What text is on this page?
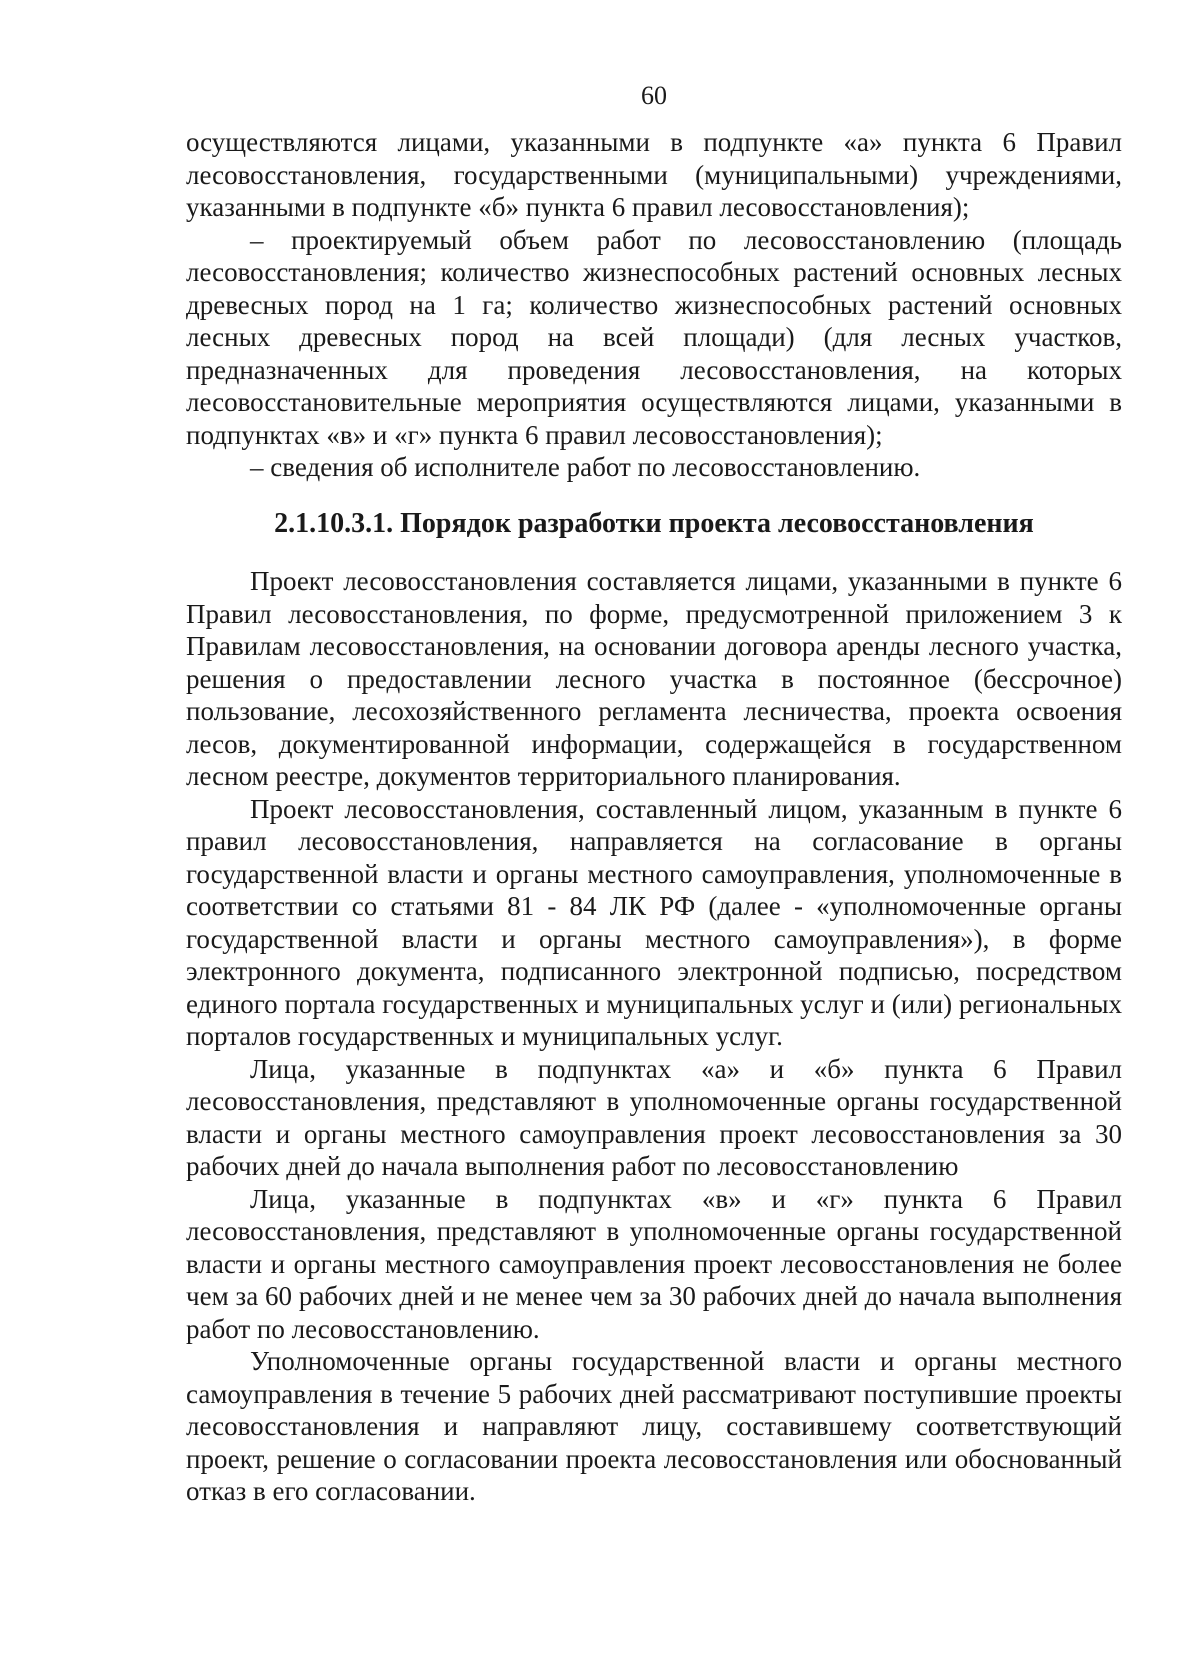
60

осуществляются лицами, указанными в подпункте «а» пункта 6 Правил лесовосстановления, государственными (муниципальными) учреждениями, указанными в подпункте «б» пункта 6 правил лесовосстановления);

– проектируемый объем работ по лесовосстановлению (площадь лесовосстановления; количество жизнеспособных растений основных лесных древесных пород на 1 га; количество жизнеспособных растений основных лесных древесных пород на всей площади) (для лесных участков, предназначенных для проведения лесовосстановления, на которых лесовосстановительные мероприятия осуществляются лицами, указанными в подпунктах «в» и «г» пункта 6 правил лесовосстановления);

– сведения об исполнителе работ по лесовосстановлению.

2.1.10.3.1. Порядок разработки проекта лесовосстановления

Проект лесовосстановления составляется лицами, указанными в пункте 6 Правил лесовосстановления, по форме, предусмотренной приложением 3 к Правилам лесовосстановления, на основании договора аренды лесного участка, решения о предоставлении лесного участка в постоянное (бессрочное) пользование, лесохозяйственного регламента лесничества, проекта освоения лесов, документированной информации, содержащейся в государственном лесном реестре, документов территориального планирования.

Проект лесовосстановления, составленный лицом, указанным в пункте 6 правил лесовосстановления, направляется на согласование в органы государственной власти и органы местного самоуправления, уполномоченные в соответствии со статьями 81 - 84 ЛК РФ (далее - «уполномоченные органы государственной власти и органы местного самоуправления»), в форме электронного документа, подписанного электронной подписью, посредством единого портала государственных и муниципальных услуг и (или) региональных порталов государственных и муниципальных услуг.

Лица, указанные в подпунктах «а» и «б» пункта 6 Правил лесовосстановления, представляют в уполномоченные органы государственной власти и органы местного самоуправления проект лесовосстановления за 30 рабочих дней до начала выполнения работ по лесовосстановлению

Лица, указанные в подпунктах «в» и «г» пункта 6 Правил лесовосстановления, представляют в уполномоченные органы государственной власти и органы местного самоуправления проект лесовосстановления не более чем за 60 рабочих дней и не менее чем за 30 рабочих дней до начала выполнения работ по лесовосстановлению.

Уполномоченные органы государственной власти и органы местного самоуправления в течение 5 рабочих дней рассматривают поступившие проекты лесовосстановления и направляют лицу, составившему соответствующий проект, решение о согласовании проекта лесовосстановления или обоснованный отказ в его согласовании.
